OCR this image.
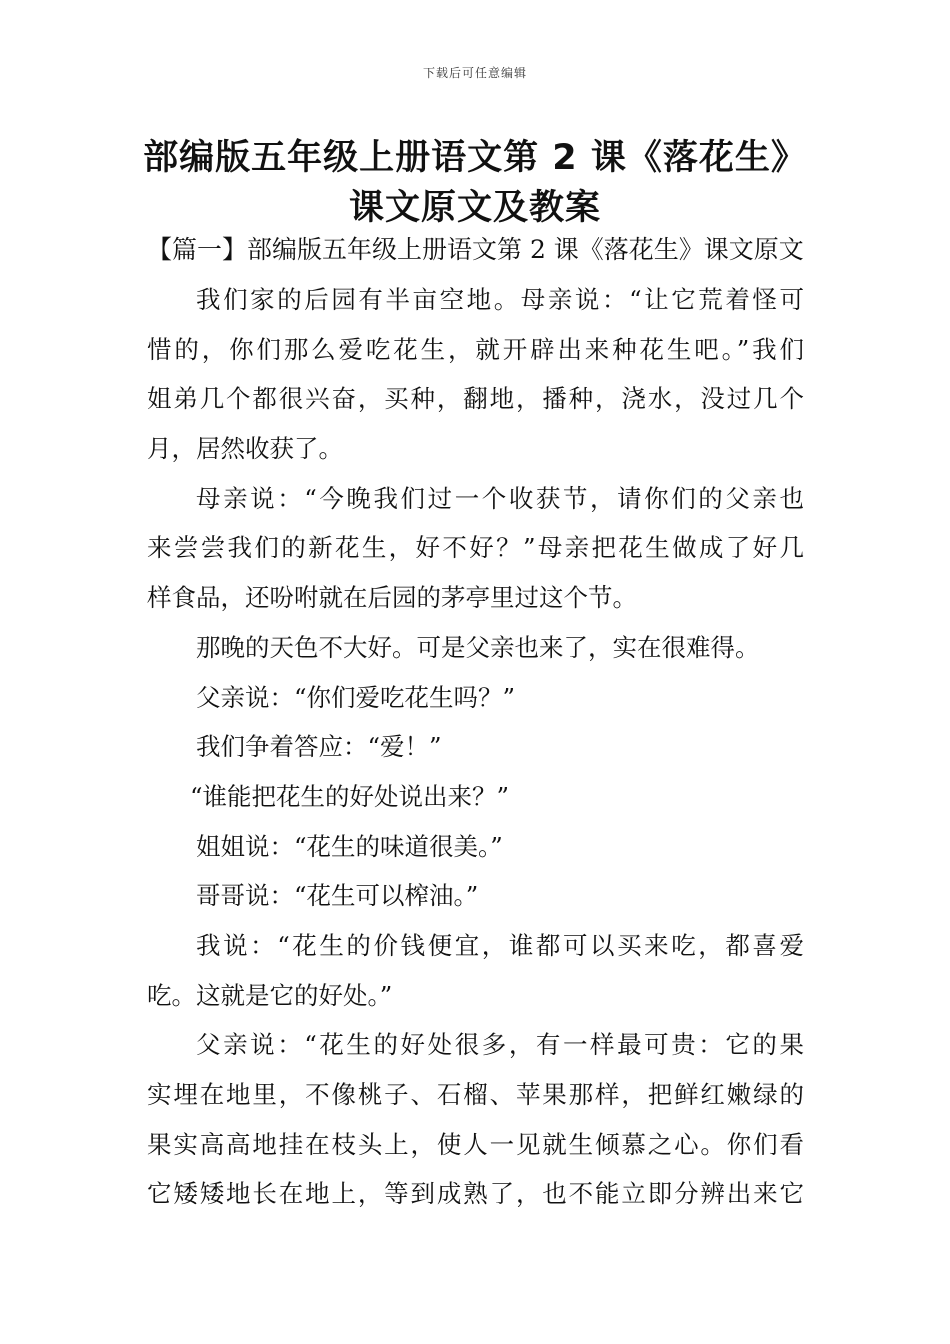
下载后可任意编辑
部编版五年级上册语文第 2 课《落花生》
课文原文及教案
【篇一】部编版五年级上册语文第 2 课《落花生》课文原文
我们家的后园有半亩空地。母亲说：“让它荒着怪可
惜的，你们那么爱吃花生，就开辟出来种花生吧。”我们
姐弟几个都很兴奋，买种，翻地，播种，浇水，没过几个
月，居然收获了。
母亲说：“今晚我们过一个收获节，请你们的父亲也
来尝尝我们的新花生，好不好？”母亲把花生做成了好几
样食品，还吩咐就在后园的茅亭里过这个节。
那晚的天色不大好。可是父亲也来了，实在很难得。
父亲说：“你们爱吃花生吗？”
我们争着答应：“爱！”
“谁能把花生的好处说出来？”
姐姐说：“花生的味道很美。”
哥哥说：“花生可以榨油。”
我说：“花生的价钱便宜，谁都可以买来吃，都喜爱
吃。这就是它的好处。”
父亲说：“花生的好处很多，有一样最可贵：它的果
实埋在地里，不像桃子、石榴、苹果那样，把鲜红嫩绿的
果实高高地挂在枝头上，使人一见就生倾慕之心。你们看
它矮矮地长在地上，等到成熟了，也不能立即分辨出来它
